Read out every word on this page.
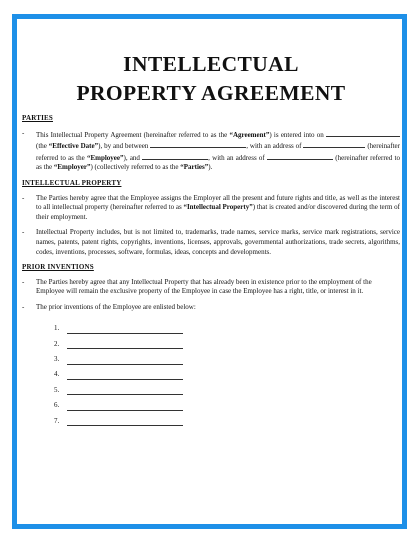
INTELLECTUAL
PROPERTY AGREEMENT
PARTIES
-	This Intellectual Property Agreement (hereinafter referred to as the “Agreement”) is entered into on  (the “Effective Date”), by and between	, with an address of	(hereinafter referred to as the “Employee”), and	, with an address of	(hereinafter referred to as the “Employer”) (collectively referred to as the “Parties”).
INTELLECTUAL PROPERTY
-	The Parties hereby agree that the Employee assigns the Employer all the present and future rights and title, as well as the interest to all intellectual property (hereinafter referred to as “Intellectual Property”) that is created and/or discovered during the term of their employment.
-	Intellectual Property includes, but is not limited to, trademarks, trade names, service marks, service mark registrations, service names, patents, patent rights, copyrights, inventions, licenses, approvals, governmental authorizations, trade secrets, algorithms, codes, inventions, processes, software, formulas, ideas, concepts and developments.
PRIOR INVENTIONS
-	The Parties hereby agree that any Intellectual Property that has already been in existence prior to the employment of the Employee will remain the exclusive property of the Employee in case the Employee has a right, title, or interest in it.
-	The prior inventions of the Employee are enlisted below:
1.
2.
3.
4.
5.
6.
7.
